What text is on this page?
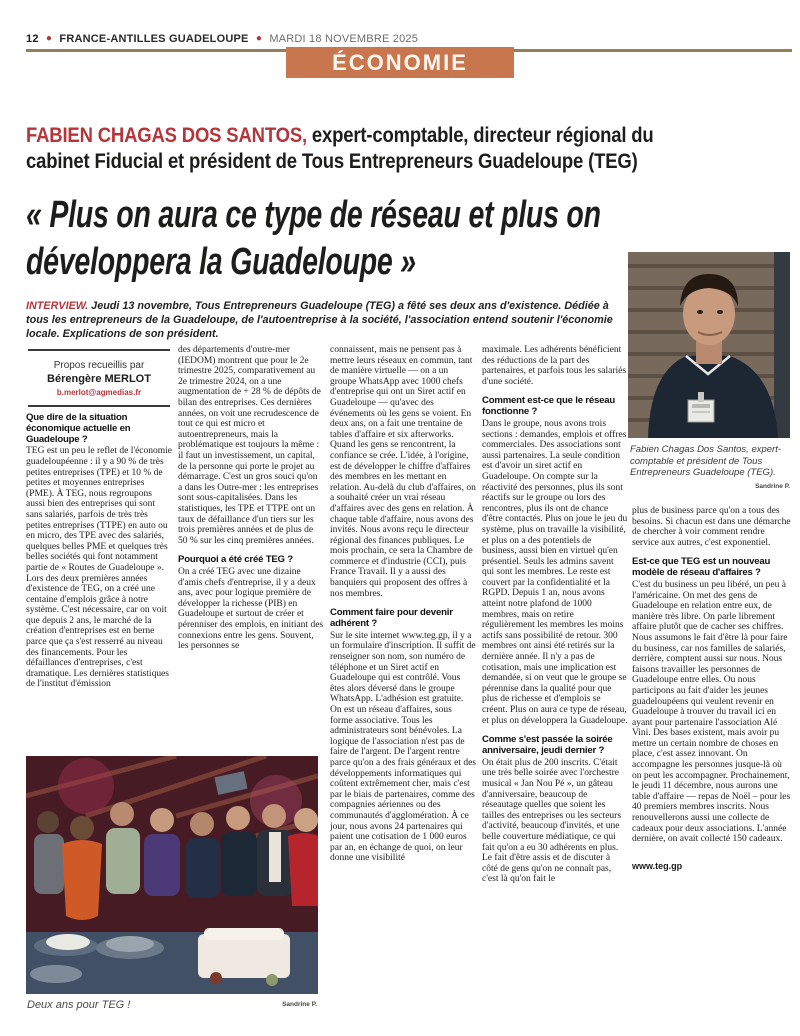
12 ● FRANCE-ANTILLES GUADELOUPE ● MARDI 18 NOVEMBRE 2025
ÉCONOMIE
FABIEN CHAGAS DOS SANTOS, expert-comptable, directeur régional du cabinet Fiducial et président de Tous Entrepreneurs Guadeloupe (TEG)
« Plus on aura ce type de réseau et plus on développera la Guadeloupe »
INTERVIEW. Jeudi 13 novembre, Tous Entrepreneurs Guadeloupe (TEG) a fêté ses deux ans d'existence. Dédiée à tous les entrepreneurs de la Guadeloupe, de l'autoentreprise à la société, l'association entend soutenir l'économie locale. Explications de son président.
Fabien Chagas Dos Santos, expert-comptable et président de Tous Entrepreneurs Guadeloupe (TEG).
Sandrine P.
Propos recueillis par
Bérengère MERLOT
b.merlot@agmedias.fr
Que dire de la situation économique actuelle en Guadeloupe ?

TEG est un peu le reflet de l'économie guadeloupéenne : il y a 90 % de très petites entreprises (TPE) et 10 % de petites et moyennes entreprises (PME). À TEG, nous regroupons aussi bien des entreprises qui sont sans salariés, parfois de très très petites entreprises (TTPE) en auto ou en micro, des TPE avec des salariés, quelques belles PME et quelques très belles sociétés qui font notamment partie de « Routes de Guadeloupe ». Lors des deux premières années d'existence de TEG, on a créé une centaine d'emplois grâce à notre système. C'est nécessaire, car on voit que depuis 2 ans, le marché de la création d'entreprises est en berne parce que ça s'est resserré au niveau des financements. Pour les défaillances d'entreprises, c'est dramatique. Les dernières statistiques de l'institut d'émission

des départements d'outre-mer (IEDOM) montrent que pour le 2e trimestre 2025, comparativement au 2e trimestre 2024, on a une augmentation de + 28 % de dépôts de bilan des entreprises. Ces dernières années, on voit une recrudescence de tout ce qui est micro et autoentrepreneurs, mais la problématique est toujours la même : il faut un investissement, un capital, de la personne qui porte le projet au démarrage. C'est un gros souci qu'on a dans les Outre-mer : les entreprises sont sous-capitalisées. Dans les statistiques, les TPE et TTPE ont un taux de défaillance d'un tiers sur les trois premières années et de plus de 50 % sur les cinq premières années.

Pourquoi a été créé TEG ?

On a créé TEG avec une dizaine d'amis chefs d'entreprise, il y a deux ans, avec pour logique première de développer la richesse (PIB) en Guadeloupe et surtout de créer et pérenniser des emplois, en initiant des connexions entre les gens. Souvent, les personnes se

connaissent, mais ne pensent pas à mettre leurs réseaux en commun, tant de manière virtuelle — on a un groupe WhatsApp avec 1000 chefs d'entreprise qui ont un Siret actif en Guadeloupe — qu'avec des événements où les gens se voient. En deux ans, on a fait une trentaine de tables d'affaire et six afterworks. Quand les gens se rencontrent, la confiance se crée. L'idée, à l'origine, est de développer le chiffre d'affaires des membres en les mettant en relation. Au-delà du club d'affaires, on a souhaité créer un vrai réseau d'affaires avec des gens en relation. À chaque table d'affaire, nous avons des invités. Nous avons reçu le directeur régional des finances publiques. Le mois prochain, ce sera la Chambre de commerce et d'industrie (CCI), puis France Travail. Il y a aussi des banquiers qui proposent des offres à nos membres.

Comment faire pour devenir adhérent ?

Sur le site internet www.teg.gp, il y a un formulaire d'inscription. Il suffit de renseigner son nom, son numéro de téléphone et un Siret actif en Guadeloupe qui est contrôlé. Vous êtes alors déversé dans le groupe WhatsApp. L'adhésion est gratuite. On est un réseau d'affaires, sous forme associative. Tous les administrateurs sont bénévoles. La logique de l'association n'est pas de faire de l'argent. De l'argent rentre parce qu'on a des frais généraux et des développements informatiques qui coûtent extrêmement cher, mais c'est par le biais de partenaires, comme des compagnies aériennes ou des communautés d'agglomération. À ce jour, nous avons 24 partenaires qui paient une cotisation de 1 000 euros par an, en échange de quoi, on leur donne une visibilité

maximale. Les adhérents bénéficient des réductions de la part des partenaires, et parfois tous les salariés d'une société.

Comment est-ce que le réseau fonctionne ?

Dans le groupe, nous avons trois sections : demandes, emplois et offres commerciales. Des associations sont aussi partenaires. La seule condition est d'avoir un siret actif en Guadeloupe. On compte sur la réactivité des personnes, plus ils sont réactifs sur le groupe ou lors des rencontres, plus ils ont de chance d'être contactés. Plus on joue le jeu du système, plus on travaille la visibilité, et plus on a des potentiels de business, aussi bien en virtuel qu'en présentiel. Seuls les admins savent qui sont les membres. Le reste est couvert par la confidentialité et la RGPD. Depuis 1 an, nous avons atteint notre plafond de 1000 membres, mais on retire régulièrement les membres les moins actifs sans possibilité de retour. 300 membres ont ainsi été retirés sur la dernière année. Il n'y a pas de cotisation, mais une implication est demandée, si on veut que le groupe se pérennise dans la qualité pour que plus de richesse et d'emplois se créent. Plus on aura ce type de réseau, et plus on développera la Guadeloupe.

Comme s'est passée la soirée anniversaire, jeudi dernier ?

On était plus de 200 inscrits. C'était une très belle soirée avec l'orchestre musical « Jan Nou Pé », un gâteau d'anniversaire, beaucoup de réseautage quelles que soient les tailles des entreprises ou les secteurs d'activité, beaucoup d'invités, et une belle couverture médiatique, ce qui fait qu'on a eu 30 adhérents en plus. Le fait d'être assis et de discuter à côté de gens qu'on ne connaît pas, c'est là qu'on fait le

plus de business parce qu'on a tous des besoins. Si chacun est dans une démarche de chercher à voir comment rendre service aux autres, c'est exponentiel.

Est-ce que TEG est un nouveau modèle de réseau d'affaires ?

C'est du business un peu libéré, un peu à l'américaine. On met des gens de Guadeloupe en relation entre eux, de manière très libre. On parle librement affaire plutôt que de cacher ses chiffres. Nous assumons le fait d'être là pour faire du business, car nos familles de salariés, derrière, comptent aussi sur nous. Nous faisons travailler les personnes de Guadeloupe entre elles. Ou nous participons au fait d'aider les jeunes guadeloupéens qui veulent revenir en Guadeloupe à trouver du travail ici en ayant pour partenaire l'association Alé Vini. Des bases existent, mais avoir pu mettre un certain nombre de choses en place, c'est assez innovant. On accompagne les personnes jusque-là où on peut les accompagner. Prochainement, le jeudi 11 décembre, nous aurons une table d'affaire — repas de Noël – pour les 40 premiers membres inscrits. Nous renouvellerons aussi une collecte de cadeaux pour deux associations. L'année dernière, on avait collecté 150 cadeaux.

www.teg.gp
Sandrine P.
Deux ans pour TEG !
